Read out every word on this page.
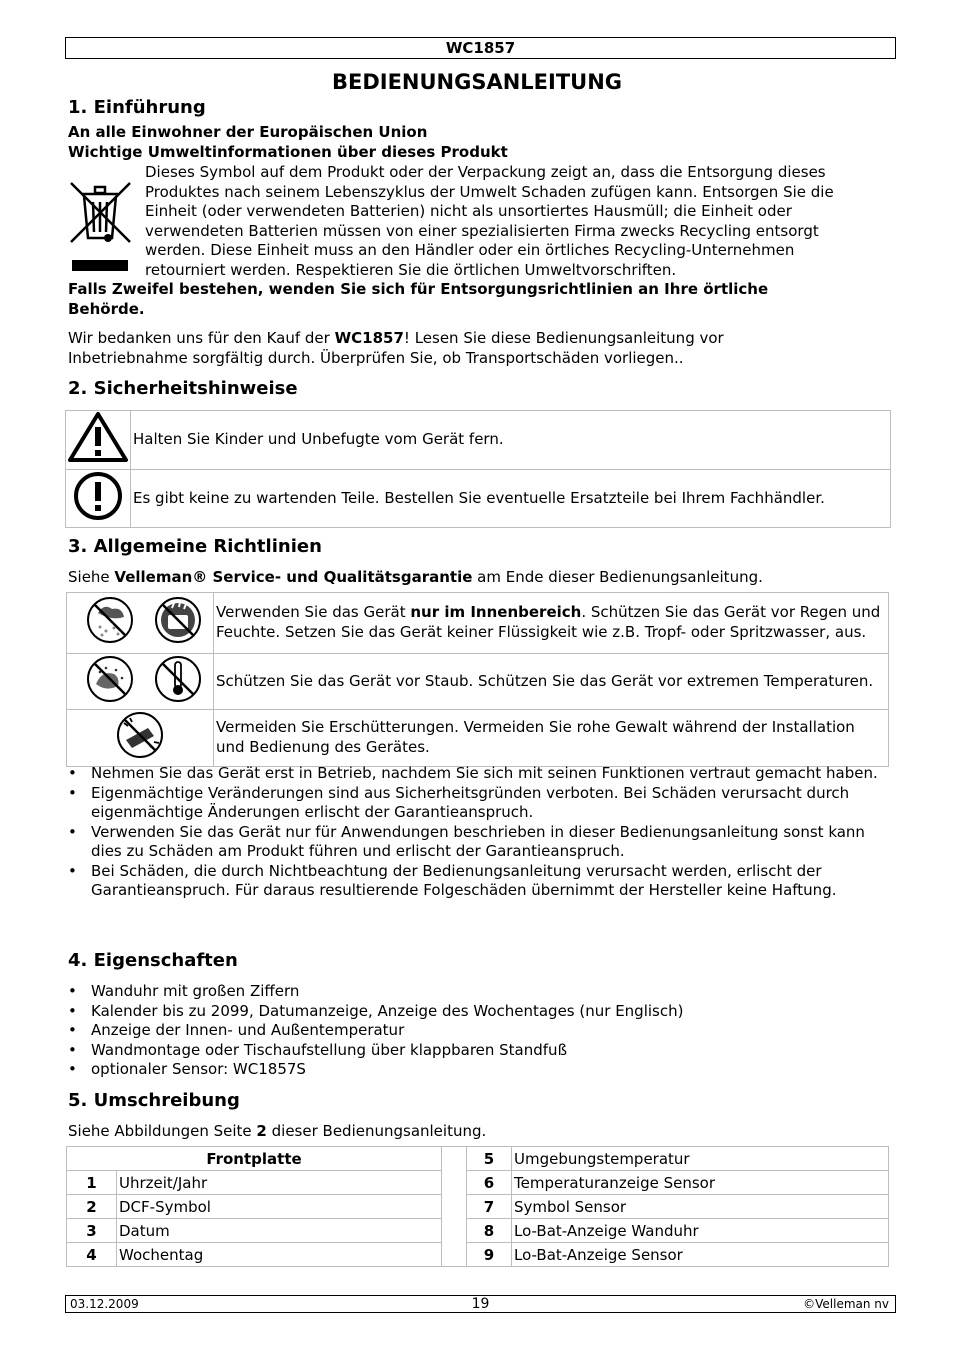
WC1857
BEDIENUNGSANLEITUNG
1. Einführung
An alle Einwohner der Europäischen Union
Wichtige Umweltinformationen über dieses Produkt
Dieses Symbol auf dem Produkt oder der Verpackung zeigt an, dass die Entsorgung dieses
Produktes nach seinem Lebenszyklus der Umwelt Schaden zufügen kann. Entsorgen Sie die
Einheit (oder verwendeten Batterien) nicht als unsortiertes Hausmüll; die Einheit oder
verwendeten Batterien müssen von einer spezialisierten Firma zwecks Recycling entsorgt
werden. Diese Einheit muss an den Händler oder ein örtliches Recycling-Unternehmen
retourniert werden. Respektieren Sie die örtlichen Umweltvorschriften.
Falls Zweifel bestehen, wenden Sie sich für Entsorgungsrichtlinien an Ihre örtliche Behörde.
Wir bedanken uns für den Kauf der WC1857! Lesen Sie diese Bedienungsanleitung vor Inbetriebnahme sorgfältig durch. Überprüfen Sie, ob Transportschäden vorliegen..
2. Sicherheitshinweise
	Halten Sie Kinder und Unbefugte vom Gerät fern.
	Es gibt keine zu wartenden Teile. Bestellen Sie eventuelle Ersatzteile bei Ihrem Fachhändler.
3. Allgemeine Richtlinien
Siehe Velleman® Service- und Qualitätsgarantie am Ende dieser Bedienungsanleitung.
	Verwenden Sie das Gerät nur im Innenbereich. Schützen Sie das Gerät vor Regen und Feuchte. Setzen Sie das Gerät keiner Flüssigkeit wie z.B. Tropf- oder Spritzwasser, aus.
	Schützen Sie das Gerät vor Staub. Schützen Sie das Gerät vor extremen Temperaturen.
	Vermeiden Sie Erschütterungen. Vermeiden Sie rohe Gewalt während der Installation und Bedienung des Gerätes.
• Nehmen Sie das Gerät erst in Betrieb, nachdem Sie sich mit seinen Funktionen vertraut gemacht haben.
• Eigenmächtige Veränderungen sind aus Sicherheitsgründen verboten. Bei Schäden verursacht durch eigenmächtige Änderungen erlischt der Garantieanspruch.
• Verwenden Sie das Gerät nur für Anwendungen beschrieben in dieser Bedienungsanleitung sonst kann dies zu Schäden am Produkt führen und erlischt der Garantieanspruch.
• Bei Schäden, die durch Nichtbeachtung der Bedienungsanleitung verursacht werden, erlischt der Garantieanspruch. Für daraus resultierende Folgeschäden übernimmt der Hersteller keine Haftung.
4. Eigenschaften
• Wanduhr mit großen Ziffern
• Kalender bis zu 2099, Datumanzeige, Anzeige des Wochentages (nur Englisch)
• Anzeige der Innen- und Außentemperatur
• Wandmontage oder Tischaufstellung über klappbaren Standfuß
• optionaler Sensor: WC1857S
5. Umschreibung
Siehe Abbildungen Seite 2 dieser Bedienungsanleitung.
Frontplatte			5	Umgebungstemperatur
1	Uhrzeit/Jahr		6	Temperaturanzeige Sensor
2	DCF-Symbol		7	Symbol Sensor
3	Datum		8	Lo-Bat-Anzeige Wanduhr
4	Wochentag		9	Lo-Bat-Anzeige Sensor
03.12.2009	19	©Velleman nv
